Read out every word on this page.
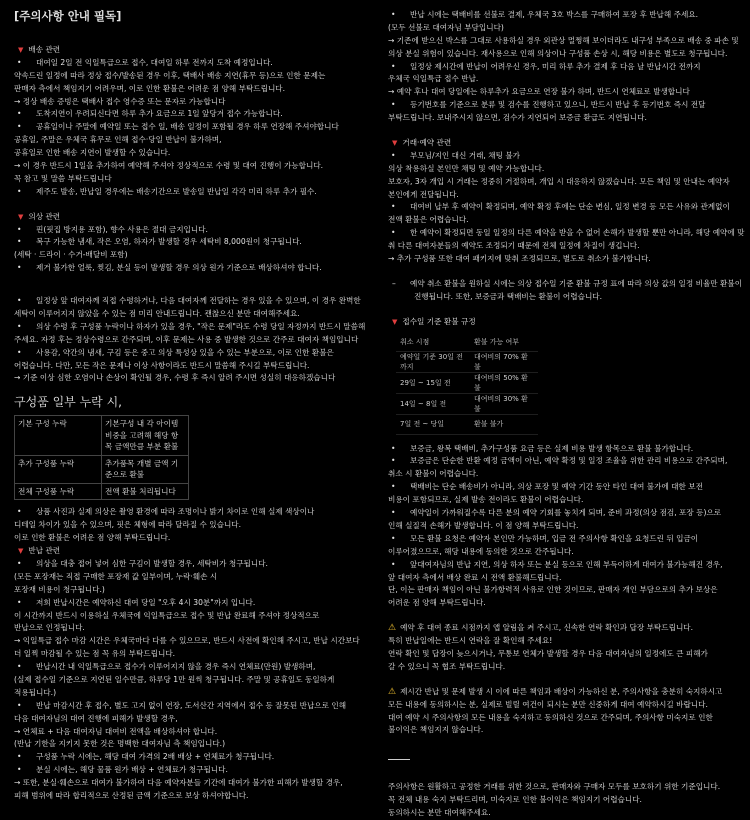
[주의사항 안내 필독]
▼ 배송 관련
• 대여일 2일 전 익일특급으로 접수, 대여일 하루 전까지 도착 예정입니다.
약속드린 일정에 따라 정상 접수/발송된 경우 이후, 택배사 배송 지연(휴무 등)으로 인한 문제는
판매자 측에서 책임지기 어려우며, 이로 인한 환불은 어려운 점 양해 부탁드립니다.
→ 정상 배송 증빙은 택배사 접수 영수증 또는 문자로 가능합니다
• 도착지연이 우려되신다면 하루 추가 요금으로 1일 앞당겨 접수 가능합니다.
• 공휴일이나 주말에 예약일 또는 접수 일, 배송 일정이 포함될 경우 하루 연장해 주셔야합니다
공휴일, 주말은 우체국 휴무로 인해 접수·당일 반납이 불가하며,
공휴일로 인한 배송 지연이 발생할 수 있습니다.
→ 이 경우 반드시 1일을 추가하여 예약해 주셔야 정상적으로 수령 및 대여 진행이 가능합니다.
꼭 참고 및 말씀 부탁드립니다
• 제주도 발송, 반납일 경우에는 배송기간으로 발송일 반납일 각각 미리 하루 추가 필수.
▼ 의상 관련
• 핀(핏집 방지용 포함), 향수 사용은 절대 금지입니다.
• 복구 가능한 냄새, 작은 오염, 하자가 발생할 경우 세탁비 8,000원이 청구됩니다.
(세탁 · 드라이 · 수거-배달비 포함)
• 제거 불가한 얼룩, 찢김, 분실 등이 발생할 경우 의상 원가 기준으로 배상하셔야 합니다.
• 일정상 앞 대여자께 직접 수령하거나, 다음 대여자께 전달하는 경우 있을 수 있으며, 이 경우 완벽한
세탁이 이루어지지 않았을 수 있는 점 미리 안내드립니다. 괜찮으신 분만 대여해주세요.
• 의상 수령 후 구성품 누락이나 하자가 있을 경우, "작은 문제"라도 수령 당일 자정까지 반드시 말씀해
주세요. 자정 후는 정상수령으로 간주되며, 이후 문제는 사용 중 발생한 것으로 간주로 대여자 책임입니다
• 사용감, 약간의 냄새, 구김 등은 중고 의상 특성상 있을 수 있는 부분으로, 이로 인한 환불은
어렵습니다. 다만, 모든 작은 문제나 이상 사항이라도 반드시 말씀해 주시길 부탁드립니다.
→ 기준 이상 심한 오염이나 손상이 확인될 경우, 수령 후 즉시 알려 주시면 성실히 대응하겠습니다
구성품 일부 누락 시,
기본 구성 누락	기본구성 내 각 아이템 비중을 고려해 해당 항목 금액만큼 부분 환불
추가 구성품 누락	추가품목 개별 금액 기준으로 환불
전체 구성품 누락	전액 환불 처리됩니다
• 상품 사진과 실제 의상은 촬영 환경에 따라 조명이나 밝기 차이로 인해 실제 색상이나
디테일 차이가 있을 수 있으며, 핏은 체형에 따라 달라질 수 있습니다.
이로 인한 환불은 어려운 점 양해 부탁드립니다.
▼ 반납 관련
• 의상을 대충 접어 넣어 심한 구김이 발생할 경우, 세탁비가 청구됩니다.
(모든 포장재는 직접 구매한 포장재 값 일부이며, 누락·훼손 시
포장재 비용이 청구됩니다.)
• 저희 반납시간은 예약하신 대여 당일 "오후 4시 30분"까지 입니다.
이 시간까지 반드시 이용하실 우체국에 익일특급으로 접수 및 반납 완료해 주셔야 정상적으로
반납으로 인정됩니다.
→ 익일특급 접수 마감 시간은 우체국마다 다를 수 있으므로, 반드시 사전에 확인해 주시고, 반납 시간보다
더 일찍 마감될 수 있는 점 꼭 유의 부탁드립니다.
• 반납시간 내 익일특급으로 접수가 이루어지지 않을 경우 즉시 연체료(만원) 발생하며,
(실제 접수일 기준으로 지연된 일수만큼, 하루당 1만 원씩 청구됩니다. 주말 및 공휴일도 동일하게
적용됩니다.)
• 반납 마감시간 후 접수, 별도 고지 없이 연장, 도서산간 지역에서 접수 등 잘못된 반납으로 인해
다음 대여자님의 대여 진행에 피해가 발생할 경우,
→ 연체료 + 다음 대여자님 대여비 전액을 배상하셔야 합니다.
(반납 기한을 지키지 못한 것은 명백한 대여자님 측 책임입니다.)
• 구성품 누락 시에는, 해당 대여 가격의 2배 배상 + 연체료가 청구됩니다.
• 분실 시에는, 해당 물품 원가 배상 + 연체료가 청구됩니다.
→ 또한, 분실·훼손으로 대여가 불가하여 다음 예약자분들 기간에 대여가 불가한 피해가 발생할 경우,
피해 범위에 따라 합리적으로 산정된 금액 기준으로 보상 하셔야합니다.
• 반납 시에는 택배비를 선불로 결제, 우체국 3호 박스를 구매하여 포장 후 반납해 주세요.
(모두 선불로 대여자님 부담입니다)
→ 기존에 받으신 박스를 그대로 사용하실 경우 외관상 멀쩡해 보이더라도 내구성 부족으로 배송 중 파손 및
의상 분실 위험이 있습니다. 재사용으로 인해 의상이나 구성품 손상 시, 해당 비용은 별도로 청구됩니다.
• 일정상 제시간에 반납이 어려우신 경우, 미리 하루 추가 결제 후 다음 날 반납시간 전까지
우체국 익일특급 접수 반납.
→ 예약 후나 대여 당일에는 하루추가 요금으로 연장 불가 하며, 반드시 연체료로 발생합니다
• 등기번호를 기준으로 분류 및 검수를 진행하고 있으니, 반드시 반납 후 등기번호 즉시 전달
부탁드립니다. 보내주시지 않으면, 검수가 지연되어 보증금 환급도 지연됩니다.
▼ 거래·예약 관련
• 부모님/지인 대신 거래, 채팅 불가
의상 착용하실 본인만 채팅 및 예약 가능합니다.
보호자, 3자 개입 시 거래는 정중히 거절하며, 개입 시 대응하지 않겠습니다. 모든 책임 및 안내는 예약자
본인에게 전달됩니다.
• 대여비 납부 후 예약이 확정되며, 예약 확정 후에는 단순 변심, 일정 변경 등 모든 사유와 관계없이
전액 환불은 어렵습니다.
• 한 예약이 확정되면 동일 일정의 다른 예약을 받을 수 없어 손해가 발생할 뿐만 아니라, 해당 예약에 맞
춰 다른 대여자분들의 예약도 조정되기 때문에 전체 일정에 차질이 생깁니다.
→ 추가 구성품 또한 대여 패키지에 맞춰 조정되므로, 별도로 취소가 불가합니다.
– 예약 취소 환불을 원하실 시에는 의상 접수일 기준 환불 규정 표에 따라 의상 값의 일정 비율만 환불이
진행됩니다. 또한, 보증금과 택배비는 환불이 어렵습니다.
▼ 접수일 기준 환불 규정
취소 시점	환불 가능 여부
예약일 기준 30일 전까지	대여비의 70% 환불
29일 ~ 15일 전	대여비의 50% 환불
14일 ~ 8일 전	대여비의 30% 환불
7일 전 ~ 당일	환불 불가
• 보증금, 왕복 택배비, 추가구성품 요금 등은 실제 비용 발생 항목으로 환불 불가합니다.
• 보증금은 단순한 반환 예정 금액이 아닌, 예약 확정 및 일정 조율을 위한 관리 비용으로 간주되며,
취소 시 환불이 어렵습니다.
• 택배비는 단순 배송비가 아니라, 의상 포장 및 예약 기간 동안 타인 대여 불가에 대한 보전
비용이 포함되므로, 실제 발송 전이라도 환불이 어렵습니다.
• 예약일이 가까워질수록 다른 분의 예약 기회를 놓치게 되며, 준비 과정(의상 점검, 포장 등)으로
인해 실질적 손해가 발생합니다. 이 점 양해 부탁드립니다.
• 모든 환불 요청은 예약자 본인만 가능하며, 입금 전 주의사항 확인을 요청드린 뒤 입금이
이루어졌으므로, 해당 내용에 동의한 것으로 간주됩니다.
• 앞대여자님의 반납 지연, 의상 하자 또는 분실 등으로 인해 부득이하게 대여가 불가능해진 경우,
앞 대여자 측에서 배상 완료 시 전액 환불해드립니다.
단, 이는 판매자 책임이 아닌 불가항력적 사유로 인한 것이므로, 판매자 개인 부담으로의 추가 보상은
어려운 점 양해 부탁드립니다.
⚠ 예약 후 대여 종료 시점까지 앱 알림을 켜 주시고, 신속한 연락 확인과 답장 부탁드립니다.
특히 반납일에는 반드시 연락을 잘 확인해 주세요!
연락 확인 및 답장이 늦으시거나, 무통보 연체가 발생할 경우 다음 대여자님의 일정에도 큰 피해가
갈 수 있으니 꼭 협조 부탁드립니다.
⚠ 제시간 반납 및 문제 발생 시 이에 따른 책임과 배상이 가능하신 분, 주의사항을 충분히 숙지하시고
모든 내용에 동의하시는 분, 실제로 빌릴 여건이 되시는 분만 신중하게 대여 예약하시길 바랍니다.
대여 예약 시 주의사항의 모든 내용을 숙지하고 동의하신 것으로 간주되며, 주의사항 미숙지로 인한
불이익은 책임지지 않습니다.
주의사항은 원활하고 공정한 거래를 위한 것으로, 판매자와 구매자 모두를 보호하기 위한 기준입니다.
꼭 전체 내용 숙지 부탁드리며, 미숙지로 인한 불이익은 책임지기 어렵습니다.
동의하시는 분만 대여해주세요.
